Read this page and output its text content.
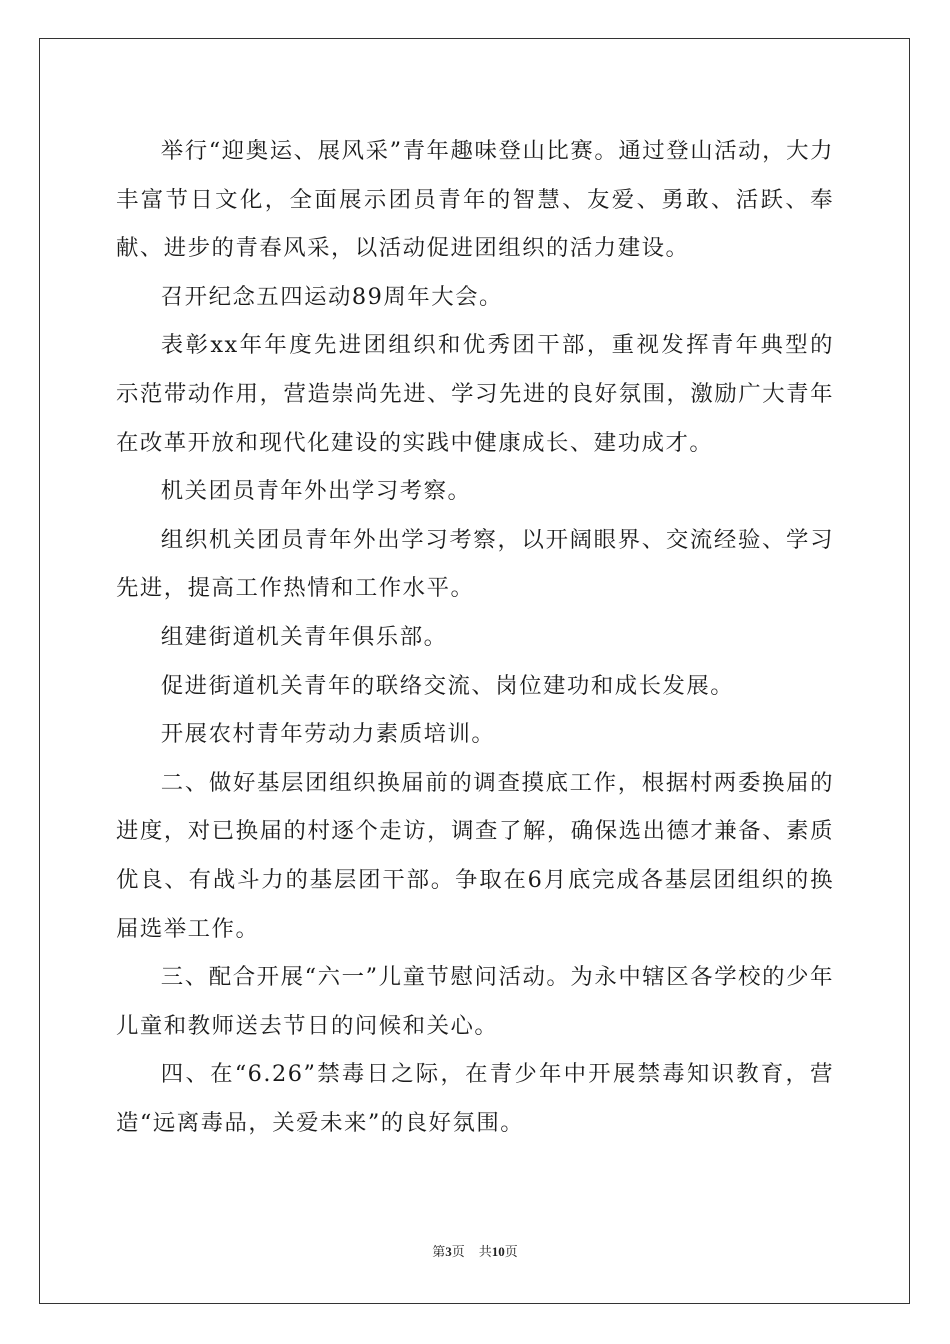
举行“迎奥运、展风采”青年趣味登山比赛。通过登山活动，大力丰富节日文化，全面展示团员青年的智慧、友爱、勇敢、活跃、奉献、进步的青春风采，以活动促进团组织的活力建设。

召开纪念五四运动89周年大会。

表彰xx年年度先进团组织和优秀团干部，重视发挥青年典型的示范带动作用，营造崇尚先进、学习先进的良好氛围，激励广大青年在改革开放和现代化建设的实践中健康成长、建功成才。

机关团员青年外出学习考察。

组织机关团员青年外出学习考察，以开阔眼界、交流经验、学习先进，提高工作热情和工作水平。

组建街道机关青年俱乐部。

促进街道机关青年的联络交流、岗位建功和成长发展。

开展农村青年劳动力素质培训。

二、做好基层团组织换届前的调查摸底工作，根据村两委换届的进度，对已换届的村逐个走访，调查了解，确保选出德才兼备、素质优良、有战斗力的基层团干部。争取在6月底完成各基层团组织的换届选举工作。

三、配合开展“六一”儿童节慰问活动。为永中辖区各学校的少年儿童和教师送去节日的问候和关心。

四、在“6.26”禁毒日之际，在青少年中开展禁毒知识教育，营造“远离毒品，关爱未来”的良好氛围。

第3页 共10页
